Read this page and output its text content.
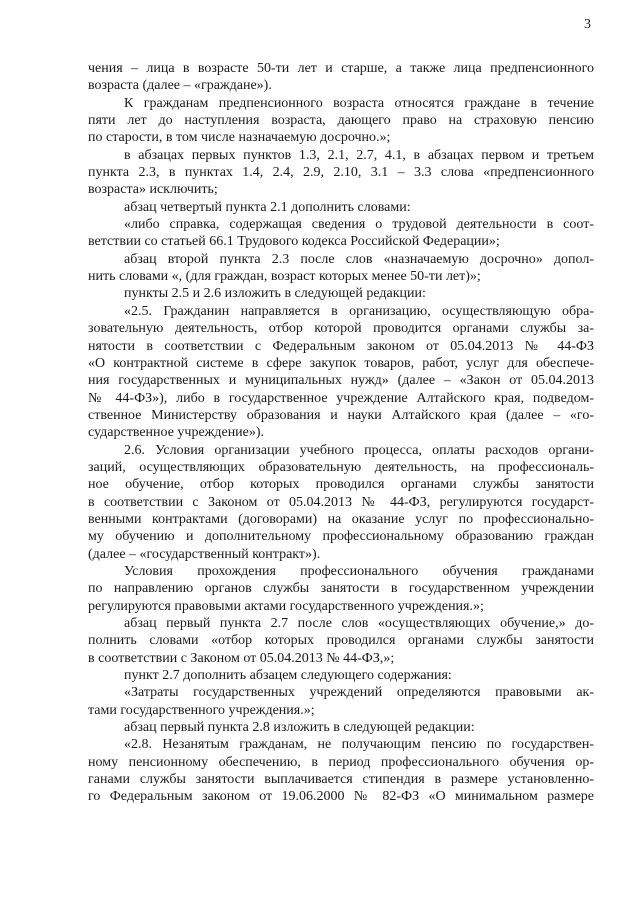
3
чения – лица в возрасте 50-ти лет и старше, а также лица предпенсионного
возраста (далее – «граждане»).
К гражданам предпенсионного возраста относятся граждане в течение
пяти лет до наступления возраста, дающего право на страховую пенсию
по старости, в том числе назначаемую досрочно.»;
в абзацах первых пунктов 1.3, 2.1, 2.7, 4.1, в абзацах первом и третьем
пункта 2.3, в пунктах 1.4, 2.4, 2.9, 2.10, 3.1 – 3.3 слова «предпенсионного
возраста» исключить;
абзац четвертый пункта 2.1 дополнить словами:
«либо справка, содержащая сведения о трудовой деятельности в соот-
ветствии со статьей 66.1 Трудового кодекса Российской Федерации»;
абзац второй пункта 2.3 после слов «назначаемую досрочно» допол-
нить словами «, (для граждан, возраст которых менее 50-ти лет)»;
пункты 2.5 и 2.6 изложить в следующей редакции:
«2.5. Гражданин направляется в организацию, осуществляющую обра-
зовательную деятельность, отбор которой проводится органами службы за-
нятости в соответствии с Федеральным законом от 05.04.2013 № 44-ФЗ
«О контрактной системе в сфере закупок товаров, работ, услуг для обеспече-
ния государственных и муниципальных нужд» (далее – «Закон от 05.04.2013
№ 44-ФЗ»), либо в государственное учреждение Алтайского края, подведом-
ственное Министерству образования и науки Алтайского края (далее – «го-
сударственное учреждение»).
2.6. Условия организации учебного процесса, оплаты расходов органи-
заций, осуществляющих образовательную деятельность, на профессиональ-
ное обучение, отбор которых проводился органами службы занятости
в соответствии с Законом от 05.04.2013 № 44-ФЗ, регулируются государст-
венными контрактами (договорами) на оказание услуг по профессионально-
му обучению и дополнительному профессиональному образованию граждан
(далее – «государственный контракт»).
Условия прохождения профессионального обучения гражданами
по направлению органов службы занятости в государственном учреждении
регулируются правовыми актами государственного учреждения.»;
абзац первый пункта 2.7 после слов «осуществляющих обучение,» до-
полнить словами «отбор которых проводился органами службы занятости
в соответствии с Законом от 05.04.2013 № 44-ФЗ,»;
пункт 2.7 дополнить абзацем следующего содержания:
«Затраты государственных учреждений определяются правовыми ак-
тами государственного учреждения.»;
абзац первый пункта 2.8 изложить в следующей редакции:
«2.8. Незанятым гражданам, не получающим пенсию по государствен-
ному пенсионному обеспечению, в период профессионального обучения ор-
ганами службы занятости выплачивается стипендия в размере установленно-
го Федеральным законом от 19.06.2000 № 82-ФЗ «О минимальном размере
